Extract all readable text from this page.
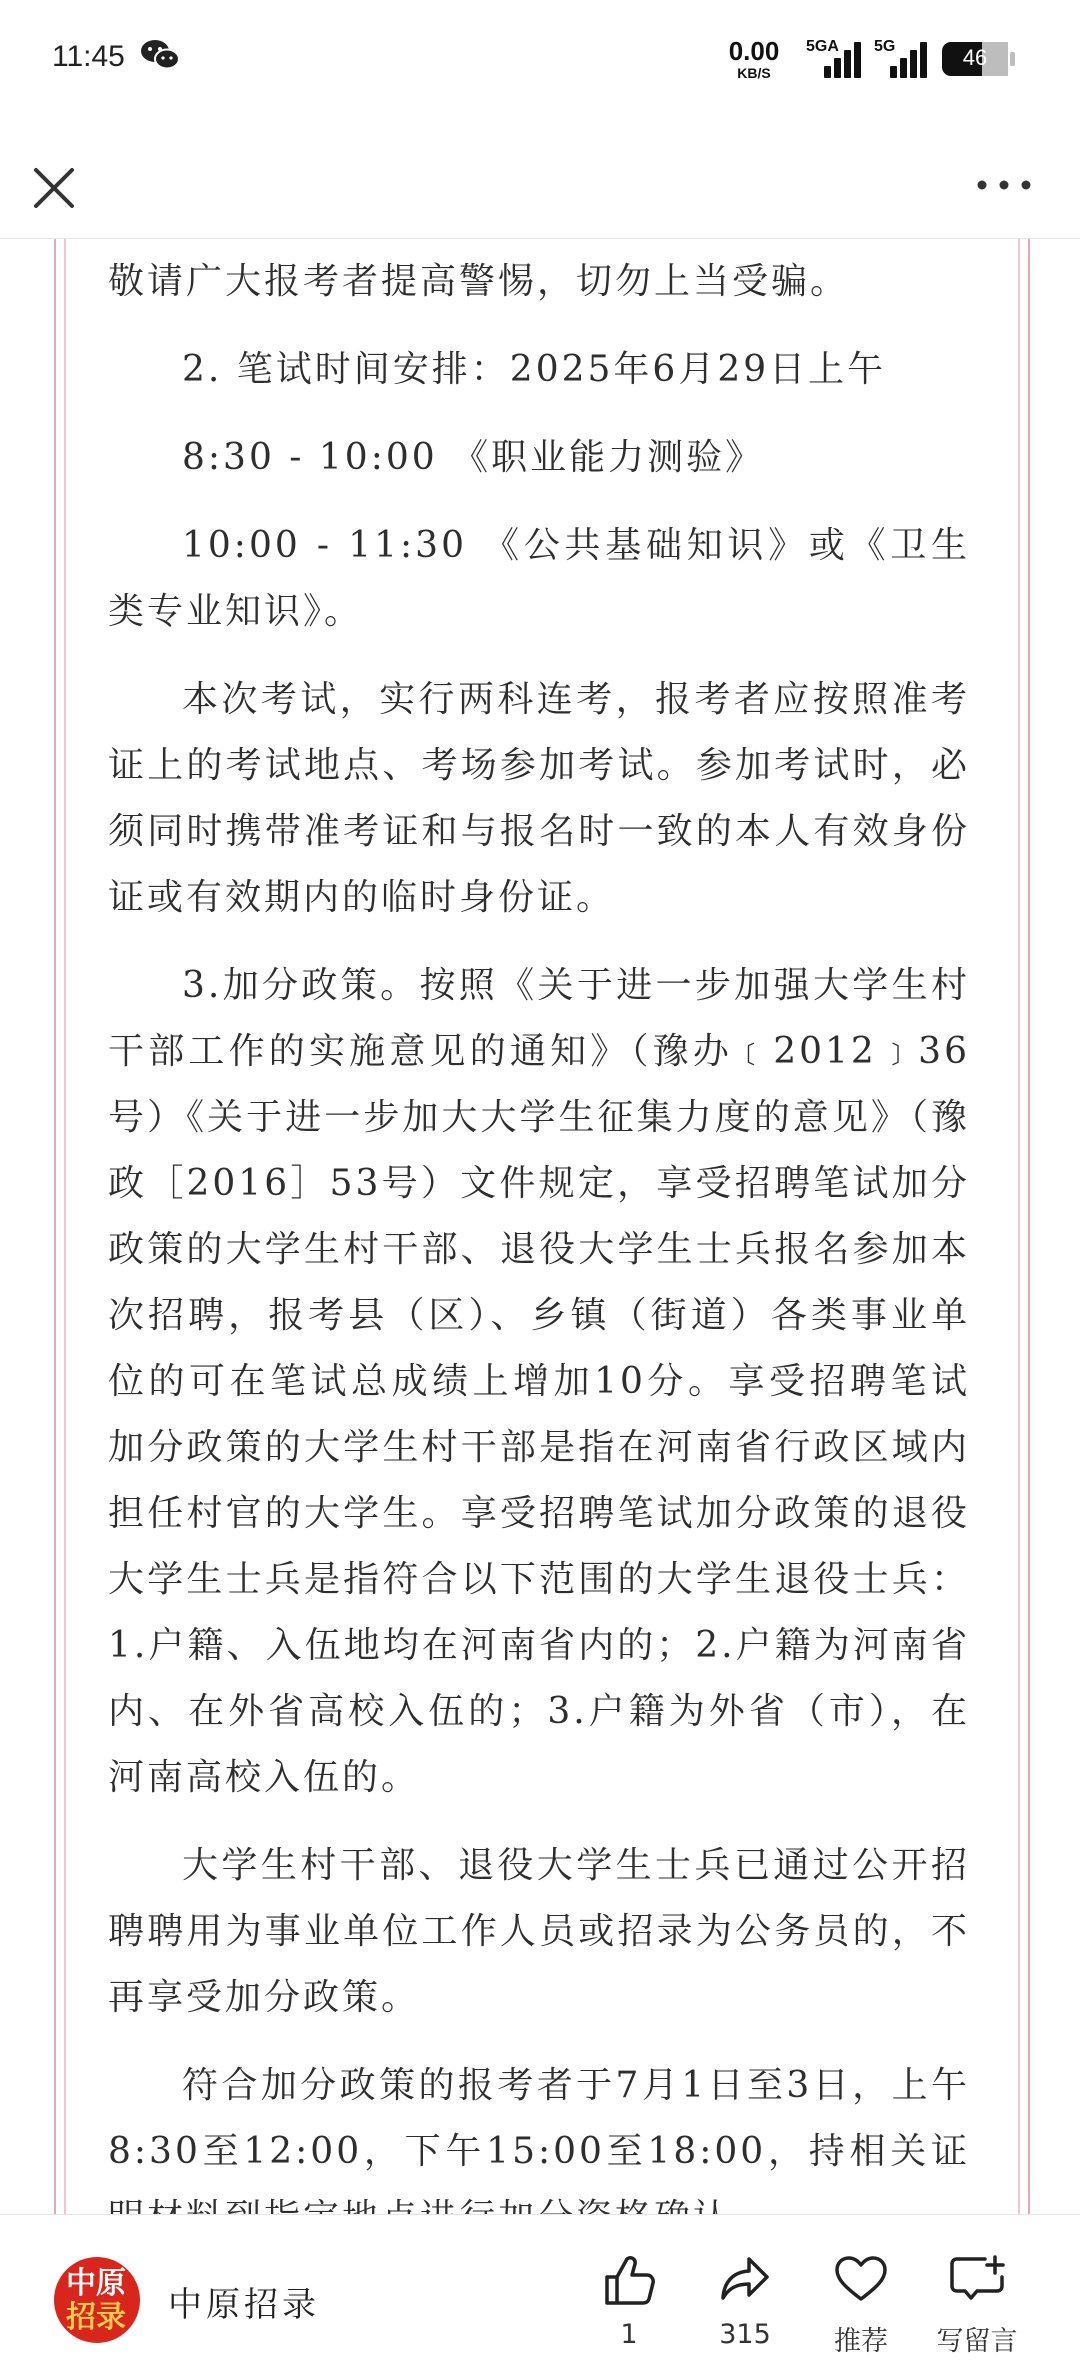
11:45	0.00
KB/S
5GA 5G	46

敬请广大报考者提高警惕，切勿上当受骗。

2. 笔试时间安排：2025年6月29日上午

8:30 - 10:00 《职业能力测验》

10:00 - 11:30 《公共基础知识》或《卫生类专业知识》。

本次考试，实行两科连考，报考者应按照准考证上的考试地点、考场参加考试。参加考试时，必须同时携带准考证和与报名时一致的本人有效身份证或有效期内的临时身份证。

3.加分政策。按照《关于进一步加强大学生村干部工作的实施意见的通知》（豫办﹝2012﹞36号）《关于进一步加大大学生征集力度的意见》（豫政［2016］53号）文件规定，享受招聘笔试加分政策的大学生村干部、退役大学生士兵报名参加本次招聘，报考县（区）、乡镇（街道）各类事业单位的可在笔试总成绩上增加10分。享受招聘笔试加分政策的大学生村干部是指在河南省行政区域内担任村官的大学生。享受招聘笔试加分政策的退役大学生士兵是指符合以下范围的大学生退役士兵：1.户籍、入伍地均在河南省内的；2.户籍为河南省内、在外省高校入伍的；3.户籍为外省（市），在河南高校入伍的。

大学生村干部、退役大学生士兵已通过公开招聘聘用为事业单位工作人员或招录为公务员的，不再享受加分政策。

符合加分政策的报考者于7月1日至3日，上午8:30至12:00，下午15:00至18:00，持相关证

中原
招录 中原招录
1	315	推荐	写留言
